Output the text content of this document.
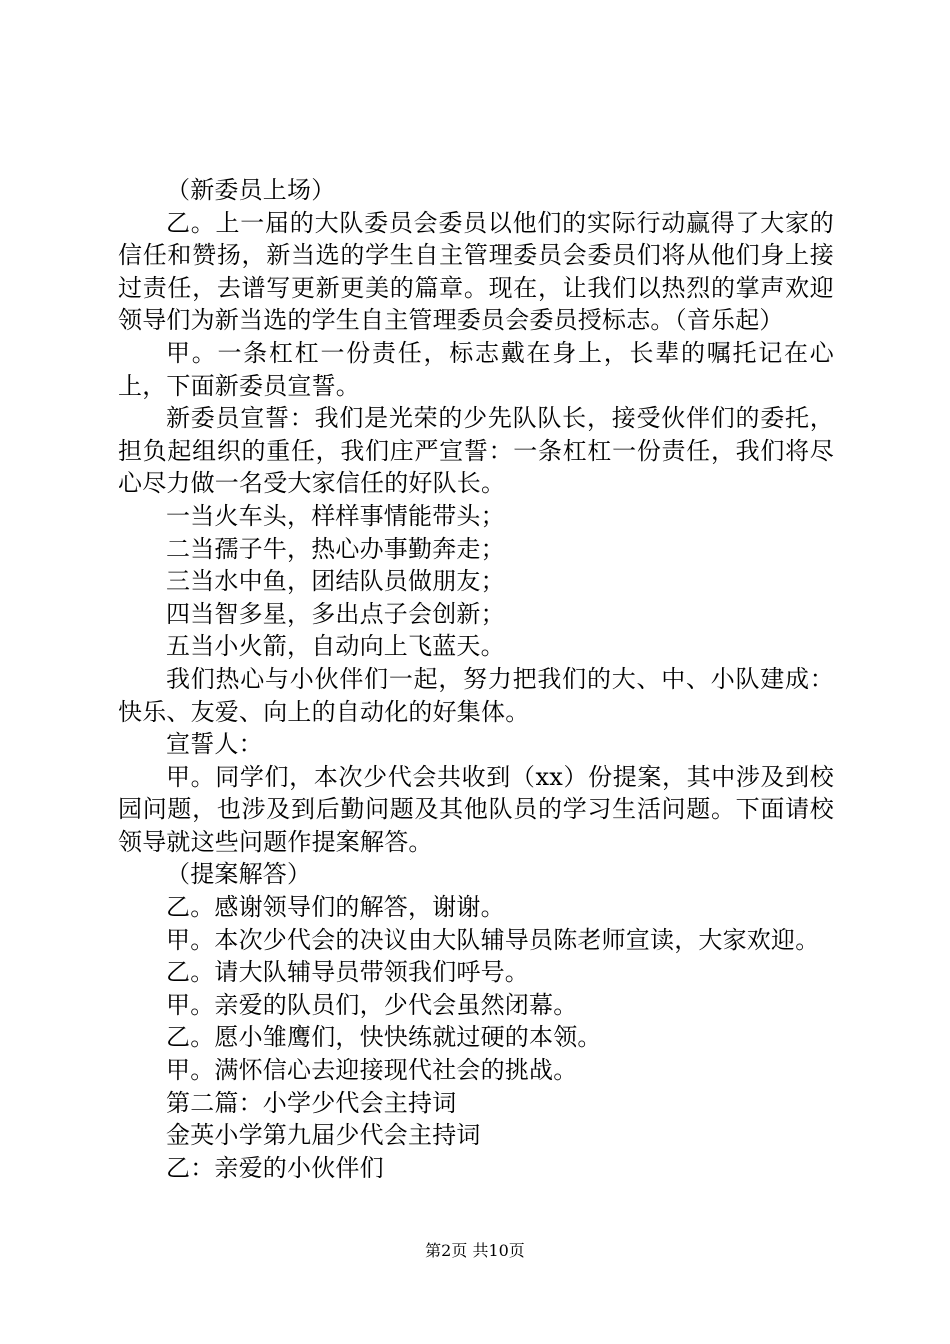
（新委员上场）

乙。上一届的大队委员会委员以他们的实际行动赢得了大家的信任和赞扬，新当选的学生自主管理委员会委员们将从他们身上接过责任，去谱写更新更美的篇章。现在，让我们以热烈的掌声欢迎领导们为新当选的学生自主管理委员会委员授标志。（音乐起）

甲。一条杠杠一份责任，标志戴在身上，长辈的嘱托记在心上，下面新委员宣誓。

新委员宣誓：我们是光荣的少先队队长，接受伙伴们的委托，担负起组织的重任，我们庄严宣誓：一条杠杠一份责任，我们将尽心尽力做一名受大家信任的好队长。

一当火车头，样样事情能带头；

二当孺子牛，热心办事勤奔走；

三当水中鱼，团结队员做朋友；

四当智多星，多出点子会创新；

五当小火箭，自动向上飞蓝天。

我们热心与小伙伴们一起，努力把我们的大、中、小队建成：快乐、友爱、向上的自动化的好集体。

宣誓人：

甲。同学们，本次少代会共收到（xx）份提案，其中涉及到校园问题，也涉及到后勤问题及其他队员的学习生活问题。下面请校领导就这些问题作提案解答。

（提案解答）

乙。感谢领导们的解答，谢谢。

甲。本次少代会的决议由大队辅导员陈老师宣读，大家欢迎。

乙。请大队辅导员带领我们呼号。

甲。亲爱的队员们，少代会虽然闭幕。

乙。愿小雏鹰们，快快练就过硬的本领。

甲。满怀信心去迎接现代社会的挑战。

第二篇：小学少代会主持词

金英小学第九届少代会主持词

乙：亲爱的小伙伴们

第2页 共10页
